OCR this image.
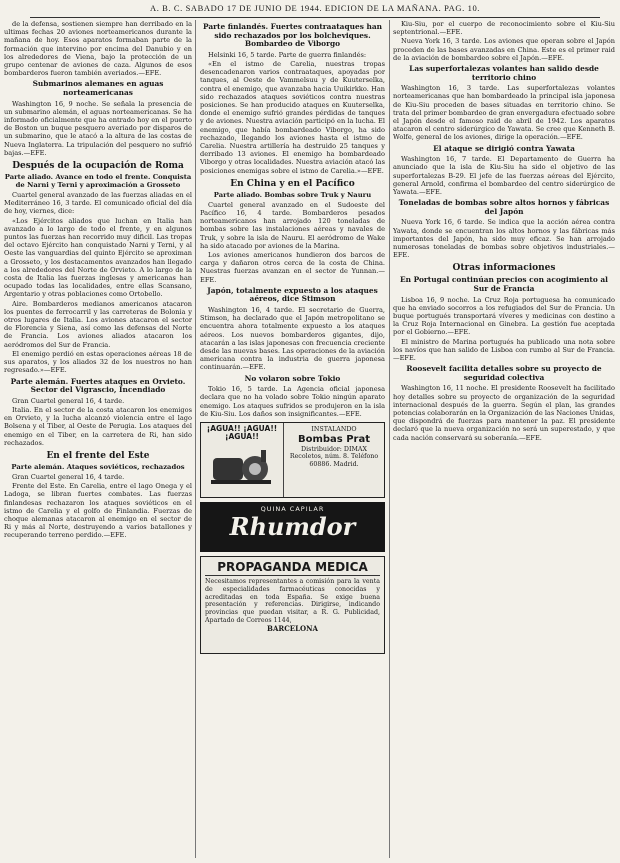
A. B. C. SABADO 17 DE JUNIO DE 1944. EDICION DE LA MAÑANA. PAG. 10.

de la defensa, sostienen siempre han derribado en la ultimas fechas 20 aviones norteamericanos durante la mañana de hoy. Esos aparatos formaban parte de la formación que intervino por encima del Danubio y en los alrededores de Viena, bajo la protección de un grupo centenar de aviones de caza. Algunos de esos bombarderos fueron también averiados.—EFE.

Submarinos alemanes en aguas norteamericanas

Washington 16, 9 noche. Se señala la presencia de un submarino alemán, el aguas norteamericanas. Se ha informado oficialmente que ha entrado hoy en el puerto de Boston un buque pesquero averiado por disparos de un submarino, que le atacó a la altura de las costas de Nueva Inglaterra. La tripulación del pesquero no sufrió bajas.—EFE.

Después de la ocupación de Roma
Parte aliado. Avance en todo el frente. Conquista de Narni y Terni y aproximación a Grosseto

Cuartel general avanzado de las fuerzas aliadas en el Mediterráneo 16, 3 tarde. El comunicado oficial del día de hoy, viernes, dice:

«Los Ejércitos aliados que luchan en Italia han avanzado a lo largo de todo el frente, y en algunos puntos las fuerzas han recorrido muy dificil. Las tropas del octavo Ejército han conquistado Narni y Terni, y al Oeste las vanguardias del quinto Ejército se aproximan a Grosseto, y los destacamentos avanzados han llegado a los alrededores del Norte de Orvieto. A lo largo de la costa de Italia las fuerzas inglesas y americanas han ocupado todas las localidades, entre ellas Scansano, Argentario y otras poblaciones como Ortobello.

Aire. Bombarderos medianos americanos atacaron los puentes de ferrocarril y las carreteras de Bolonia y otros lugares de Italia. Los aviones atacaron el sector de Florencia y Siena, así como las defensas del Norte de Francia. Los aviones aliados atacaron los aeródromos del Sur de Francia.

El enemigo perdió en estas operaciones aéreas 18 de sus aparatos, y los aliados 32 de los nuestros no han regresado.»—EFE.

Parte alemán. Fuertes ataques en Orvieto. Sector del Vigrascio, Incendiado

Gran Cuartel general 16, 4 tarde.

Italia. En el sector de la costa atacaron los enemigos en Orvieto, y la lucha alcanzó violencia entre el lago Bolsena y el Tiber, al Oeste de Perugia. Los ataques del enemigo en el Tiber, en la carretera de Ri, han sido rechazados.

En el frente del Este
Parte alemán. Ataques soviéticos, rechazados

Gran Cuartel general 16, 4 tarde.

Frente del Este. En Carelia, entre el lago Onega y el Ladoga, se libran fuertes combates. Las fuerzas finlandesas rechazaron los ataques soviéticos en el istmo de Carelia y el golfo de Finlandia. Fuerzas de choque alemanas atacaron al enemigo en el sector de Ri y más al Norte, destruyendo a varios batallones y recuperando terreno perdido.—EFE.

Parte finlandés. Fuertes contraataques han sido rechazados por los bolcheviques. Bombardeo de Viborgo

Helsinki 16, 5 tarde. Parte de guerra finlandés:

«En el istmo de Carelia, nuestras tropas desencadenaron varios contraataques, apoyadas por tanques, al Oeste de Vammelsuu y de Kuuterselka, contra el enemigo, que avanzaba hacia Uuikirkko. Han sido rechazados ataques soviéticos contra nuestras posiciones. Se han producido ataques en Kuuterselka, donde el enemigo sufrió grandes pérdidas de tanques y de aviones. Nuestra aviación participó en la lucha. El enemigo, que había bombardeado Viborgo, ha sido rechazado, llegando los aviones hasta el istmo de Carelia. Nuestra artillería ha destruido 25 tanques y derribado 13 aviones. El enemigo ha bombardeado Viborgo y otras localidades. Nuestra aviación atacó las posiciones enemigas sobre el istmo de Carelia.»—EFE.

En China y en el Pacífico
Parte aliado. Bombas sobre Truk y Nauru

Cuartel general avanzado en el Sudoeste del Pacífico 16, 4 tarde. Bombarderos pesados norteamericanos han arrojado 120 toneladas de bombas sobre las instalaciones aéreas y navales de Truk, y sobre la isla de Nauru. El aeródromo de Wake ha sido atacado por aviones de la Marina.

Los aviones americanos hundieron dos barcos de carga y dañaron otros cerca de la costa de China. Nuestras fuerzas avanzan en el sector de Yunnan.—EFE.

Japón, totalmente expuesto a los ataques aéreos, dice Stimson

Washington 16, 4 tarde. El secretario de Guerra, Stimson, ha declarado que el Japón metropolitano se encuentra ahora totalmente expuesto a los ataques aéreos. Los nuevos bombarderos gigantes, dijo, atacarán a las islas japonesas con frecuencia creciente desde las nuevas bases. Las operaciones de la aviación americana contra la industria de guerra japonesa continuarán.—EFE.

No volaron sobre Tokio

Tokio 16, 5 tarde. La Agencia oficial japonesa declara que no ha volado sobre Tokio ningún aparato enemigo. Los ataques sufridos se produjeron en la isla de Kiu-Siu. Los daños son insignificantes.—EFE.

¡AGUA!! ¡AGUA!! ¡AGUA!!
INSTALANDO
Bombas Prat
Distribuidor: DIMAX
Recoletos, núm. 8. Teléfono 60886. Madrid.
QUINA CAPILAR
Rhumdor
PROPAGANDA MEDICA
Necesitamos representantes a comisión para la venta de especialidades farmacéuticas conocidas y acreditadas en toda España. Se exige buena presentación y referencias. Dirigirse, indicando provincias que puedan visitar, a R. G. Publicidad, Apartado de Correos 1144,
BARCELONA

Kiu-Siu, por el cuerpo de reconocimiento sobre el Kiu-Siu septentrional.—EFE.

Nueva York 16, 3 tarde. Los aviones que operan sobre el Japón proceden de las bases avanzadas en China. Este es el primer raid de la aviación de bombardeo sobre el Japón.—EFE.

Las superfortalezas volantes han salido desde territorio chino

Washington 16, 3 tarde. Las superfortalezas volantes norteamericanas que han bombardeado la principal isla japonesa de Kiu-Siu proceden de bases situadas en territorio chino. Se trata del primer bombardeo de gran envergadura efectuado sobre el Japón desde el famoso raid de abril de 1942. Los aparatos atacaron el centro siderúrgico de Yawata. Se cree que Kenneth B. Wolfe, general de los aviones, dirige la operación.—EFE.

El ataque se dirigió contra Yawata

Washington 16, 7 tarde. El Departamento de Guerra ha anunciado que la isla de Kiu-Siu ha sido el objetivo de las superfortalezas B-29. El jefe de las fuerzas aéreas del Ejército, general Arnold, confirma el bombardeo del centro siderúrgico de Yawata.—EFE.

Toneladas de bombas sobre altos hornos y fábricas del Japón

Nueva York 16, 6 tarde. Se indica que la acción aérea contra Yawata, donde se encuentran los altos hornos y las fábricas más importantes del Japón, ha sido muy eficaz. Se han arrojado numerosas toneladas de bombas sobre objetivos industriales.—EFE.

Otras informaciones
En Portugal continúan precios con acogimiento al Sur de Francia

Lisboa 16, 9 noche. La Cruz Roja portuguesa ha comunicado que ha enviado socorros a los refugiados del Sur de Francia. Un buque portugués transportará víveres y medicinas con destino a la Cruz Roja Internacional en Ginebra. La gestión fue aceptada por el Gobierno.—EFE.

El ministro de Marina portugués ha publicado una nota sobre los navíos que han salido de Lisboa con rumbo al Sur de Francia.—EFE.

Roosevelt facilita detalles sobre su proyecto de seguridad colectiva

Washington 16, 11 noche. El presidente Roosevelt ha facilitado hoy detalles sobre su proyecto de organización de la seguridad internacional después de la guerra. Según el plan, las grandes potencias colaborarán en la Organización de las Naciones Unidas, que dispondrá de fuerzas para mantener la paz. El presidente declaró que la nueva organización no será un superestado, y que cada nación conservará su soberanía.—EFE.
